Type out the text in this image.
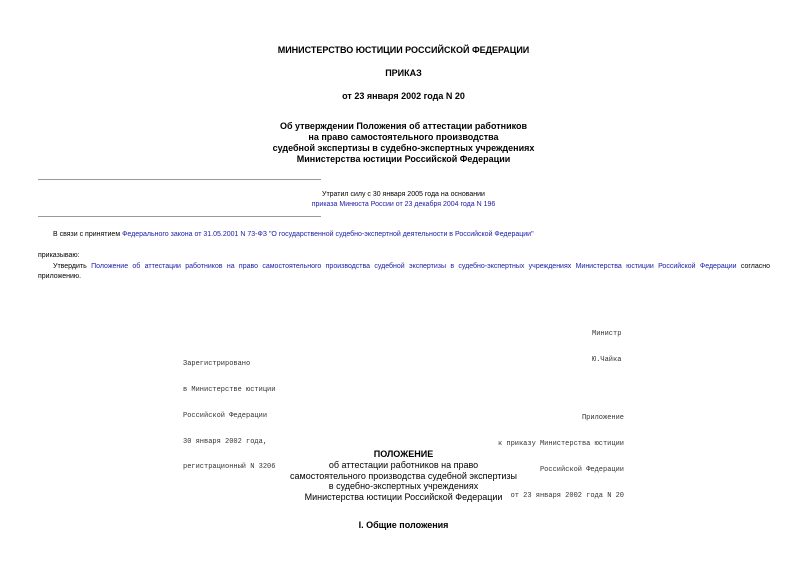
МИНИСТЕРСТВО ЮСТИЦИИ РОССИЙСКОЙ ФЕДЕРАЦИИ
ПРИКАЗ
от 23 января 2002 года N 20
Об утверждении Положения об аттестации работников
на право самостоятельного производства
судебной экспертизы в судебно-экспертных учреждениях
Министерства юстиции Российской Федерации
Утратил силу с 30 января 2005 года на основании
приказа Минюста России от 23 декабря 2004 года N 196
В связи с принятием Федерального закона от 31.05.2001 N 73-ФЗ "О государственной судебно-экспертной деятельности в Российской Федерации"
приказываю:
Утвердить Положение об аттестации работников на право самостоятельного производства судебной экспертизы в судебно-экспертных учреждениях Министерства юстиции Российской Федерации согласно приложению.

Министр

Ю.Чайка

Зарегистрировано

в Министерстве юстиции

Российской Федерации

30 января 2002 года,

регистрационный N 3206

Приложение

к приказу Министерства юстиции

Российской Федерации

от 23 января 2002 года N 20

ПОЛОЖЕНИЕ
об аттестации работников на право
самостоятельного производства судебной экспертизы
в судебно-экспертных учреждениях
Министерства юстиции Российской Федерации
I. Общие положения
